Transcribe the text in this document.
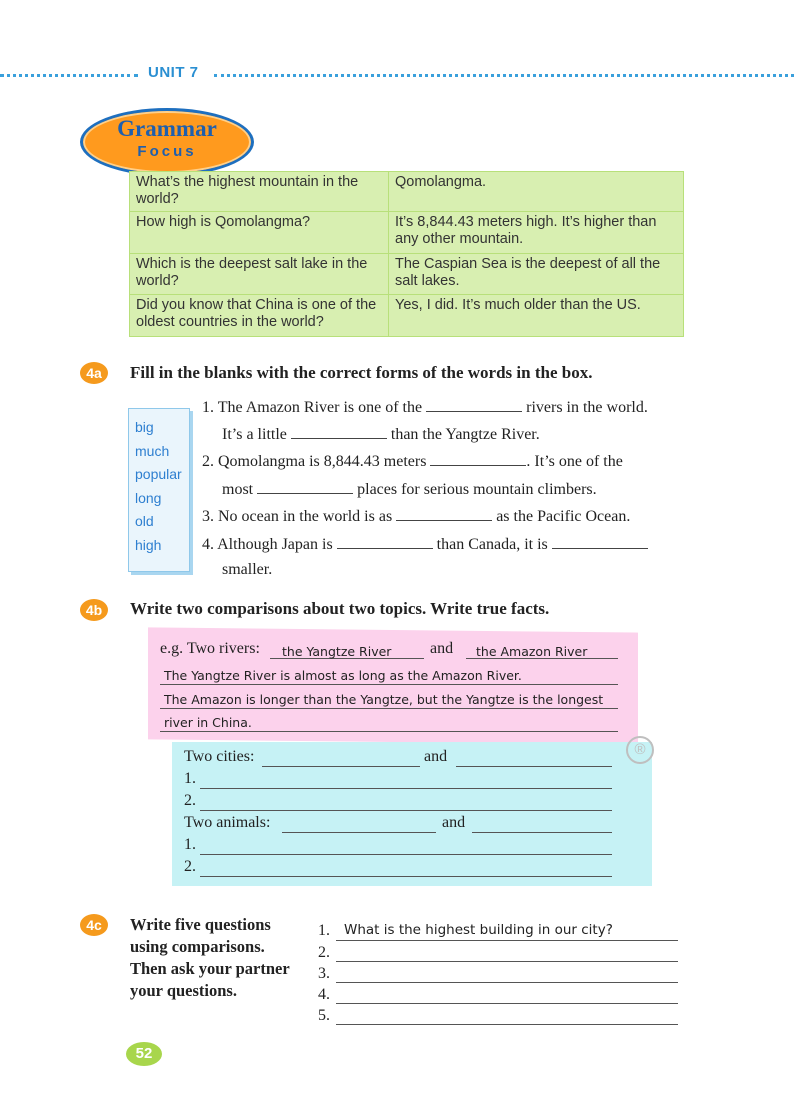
UNIT 7
Grammar
Focus
What’s the highest mountain in the world?	Qomolangma.
How high is Qomolangma?	It’s 8,844.43 meters high. It’s higher than any other mountain.
Which is the deepest salt lake in the world?	The Caspian Sea is the deepest of all the salt lakes.
Did you know that China is one of the oldest countries in the world?	Yes, I did. It’s much older than the US.
4a	Fill in the blanks with the correct forms of the words in the box.
big
much
popular
long
old
high
1. The Amazon River is one of the	rivers in the world.
It’s a little	than the Yangtze River.
2. Qomolangma is 8,844.43 meters	. It’s one of the
most	places for serious mountain climbers.
3. No ocean in the world is as	as the Pacific Ocean.
4. Although Japan is	than Canada, it is
smaller.
4b	Write two comparisons about two topics. Write true facts.
e.g. Two rivers: the Yangtze River and the Amazon River
The Yangtze River is almost as long as the Amazon River.
The Amazon is longer than the Yangtze, but the Yangtze is the longest
river in China.
®
Two cities:	and
1.
2.
Two animals:	and
1.
2.
4c	Write five questions
using comparisons.
Then ask your partner
your questions.
1. What is the highest building in our city?
2.
3.
4.
5.
52
